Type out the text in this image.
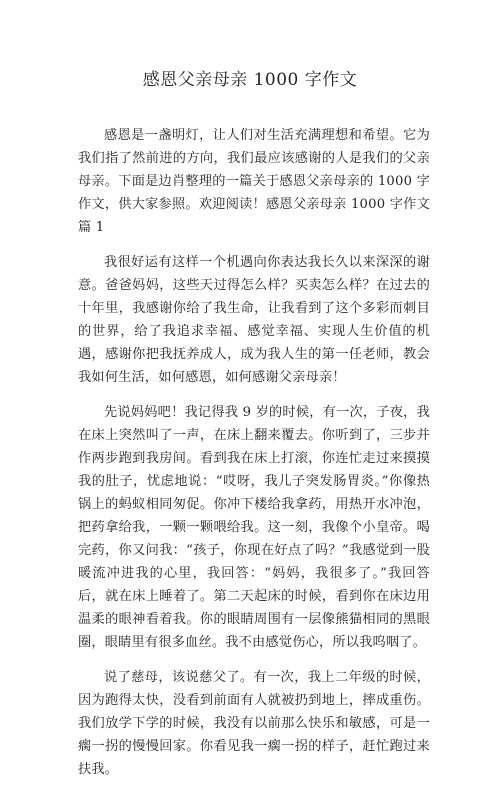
感恩父亲母亲 1000 字作文

感恩是一盏明灯，让人们对生活充满理想和希望。它为我们指了然前进的方向，我们最应该感谢的人是我们的父亲母亲。下面是边肖整理的一篇关于感恩父亲母亲的 1000 字作文，供大家参照。欢迎阅读！感恩父亲母亲 1000 字作文篇 1

我很好运有这样一个机遇向你表达我长久以来深深的谢意。爸爸妈妈，这些天过得怎么样？买卖怎么样？在过去的十年里，我感谢你给了我生命，让我看到了这个多彩而刺目的世界，给了我追求幸福、感觉幸福、实现人生价值的机遇，感谢你把我抚养成人，成为我人生的第一任老师，教会我如何生活，如何感恩，如何感谢父亲母亲！

先说妈妈吧！我记得我 9 岁的时候，有一次，子夜，我在床上突然叫了一声，在床上翻来覆去。你听到了，三步并作两步跑到我房间。看到我在床上打滚，你连忙走过来摸摸我的肚子，忧虑地说：“哎呀，我儿子突发肠胃炎。”你像热锅上的蚂蚁相同匆促。你冲下楼给我拿药，用热开水冲泡，把药拿给我，一颗一颗喂给我。这一刻，我像个小皇帝。喝完药，你又问我：“孩子，你现在好点了吗？”我感觉到一股暖流冲进我的心里，我回答：“妈妈，我很多了。”我回答后，就在床上睡着了。第二天起床的时候，看到你在床边用温柔的眼神看着我。你的眼睛周围有一层像熊猫相同的黑眼圈，眼睛里有很多血丝。我不由感觉伤心，所以我呜咽了。

说了慈母，该说慈父了。有一次，我上二年级的时候，因为跑得太快，没看到前面有人就被扔到地上，摔成重伤。我们放学下学的时候，我没有以前那么快乐和敏感，可是一瘸一拐的慢慢回家。你看见我一瘸一拐的样子，赶忙跑过来扶我。
